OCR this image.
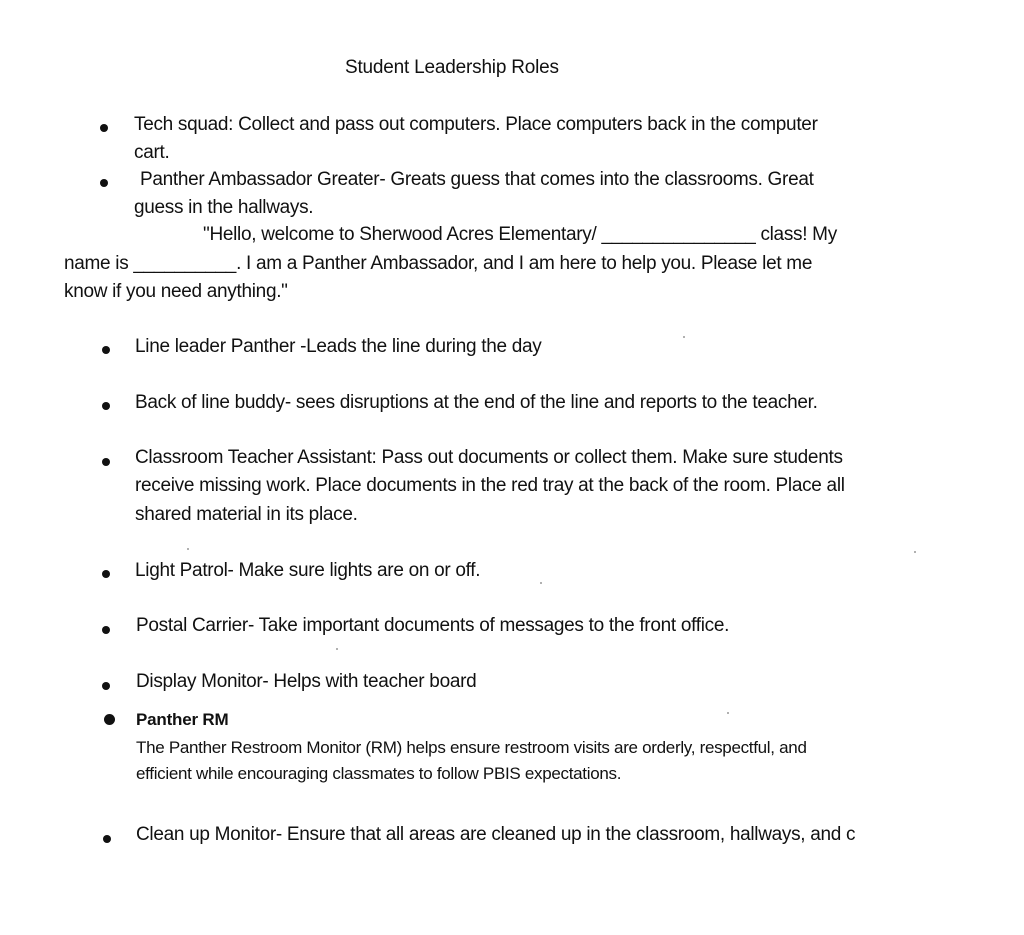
Student Leadership Roles
Tech squad: Collect and pass out computers. Place computers back in the computer
cart.
Panther Ambassador Greater- Greats guess that comes into the classrooms. Great
guess in the hallways.
"Hello, welcome to Sherwood Acres Elementary/ _______________ class! My
name is __________. I am a Panther Ambassador, and I am here to help you. Please let me
know if you need anything."
Line leader Panther -Leads the line during the day
Back of line buddy- sees disruptions at the end of the line and reports to the teacher.
Classroom Teacher Assistant: Pass out documents or collect them. Make sure students
receive missing work. Place documents in the red tray at the back of the room. Place all
shared material in its place.
Light Patrol- Make sure lights are on or off.
Postal Carrier- Take important documents of messages to the front office.
Display Monitor- Helps with teacher board
Panther RM
The Panther Restroom Monitor (RM) helps ensure restroom visits are orderly, respectful, and
efficient while encouraging classmates to follow PBIS expectations.
Clean up Monitor- Ensure that all areas are cleaned up in the classroom, hallways, and c
